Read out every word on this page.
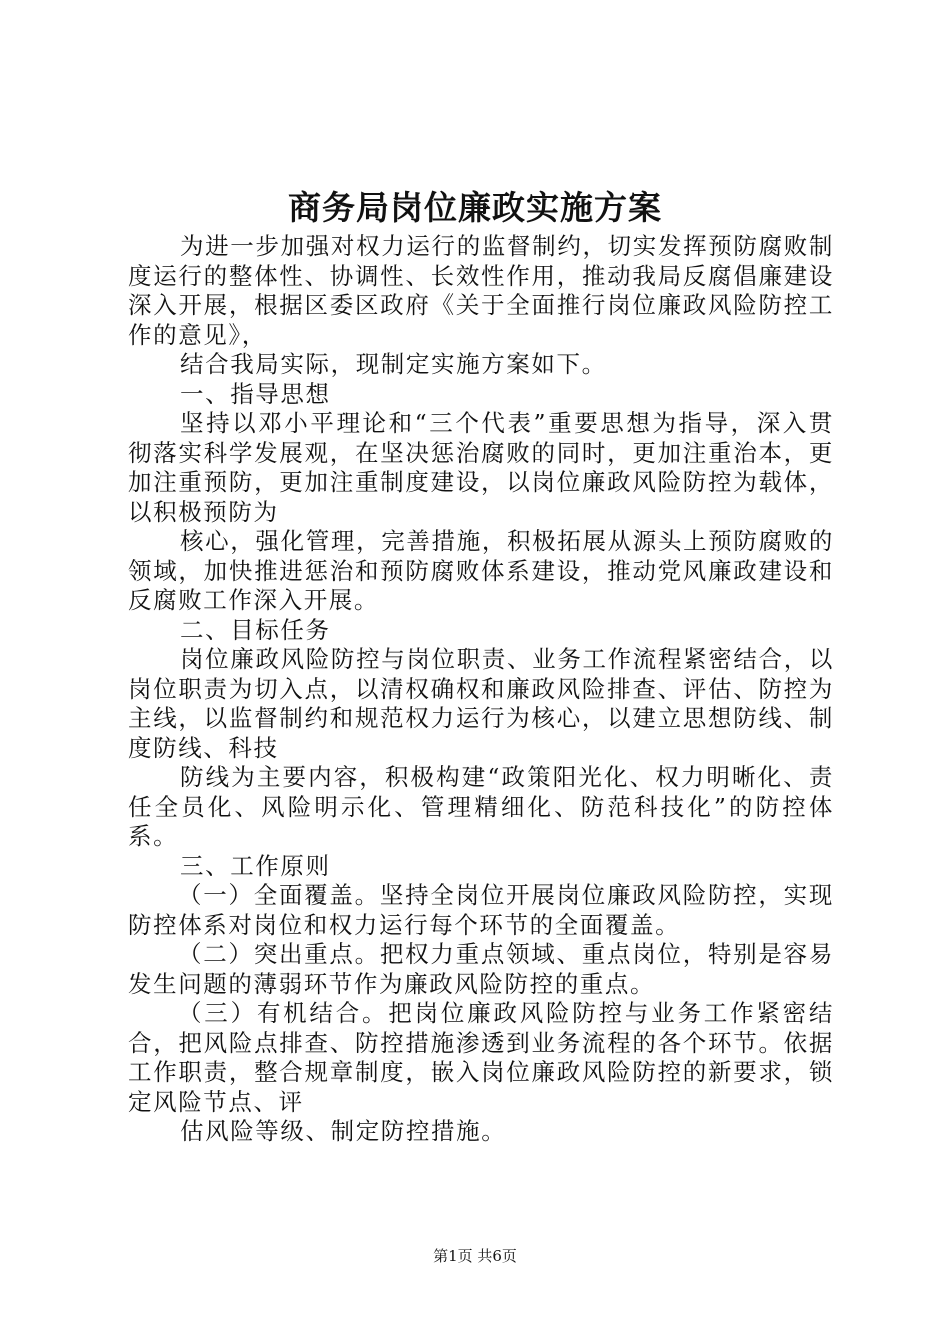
商务局岗位廉政实施方案

为进一步加强对权力运行的监督制约，切实发挥预防腐败制度运行的整体性、协调性、长效性作用，推动我局反腐倡廉建设深入开展，根据区委区政府《关于全面推行岗位廉政风险防控工作的意见》，

结合我局实际，现制定实施方案如下。

一、指导思想

坚持以邓小平理论和“三个代表”重要思想为指导，深入贯彻落实科学发展观，在坚决惩治腐败的同时，更加注重治本，更加注重预防，更加注重制度建设，以岗位廉政风险防控为载体，以积极预防为

核心，强化管理，完善措施，积极拓展从源头上预防腐败的领域，加快推进惩治和预防腐败体系建设，推动党风廉政建设和反腐败工作深入开展。

二、目标任务

岗位廉政风险防控与岗位职责、业务工作流程紧密结合，以岗位职责为切入点，以清权确权和廉政风险排查、评估、防控为主线，以监督制约和规范权力运行为核心，以建立思想防线、制度防线、科技

防线为主要内容，积极构建“政策阳光化、权力明晰化、责任全员化、风险明示化、管理精细化、防范科技化”的防控体系。

三、工作原则

（一）全面覆盖。坚持全岗位开展岗位廉政风险防控，实现防控体系对岗位和权力运行每个环节的全面覆盖。

（二）突出重点。把权力重点领域、重点岗位，特别是容易发生问题的薄弱环节作为廉政风险防控的重点。

（三）有机结合。把岗位廉政风险防控与业务工作紧密结合，把风险点排查、防控措施渗透到业务流程的各个环节。依据工作职责，整合规章制度，嵌入岗位廉政风险防控的新要求，锁定风险节点、评

估风险等级、制定防控措施。

第1页 共6页
